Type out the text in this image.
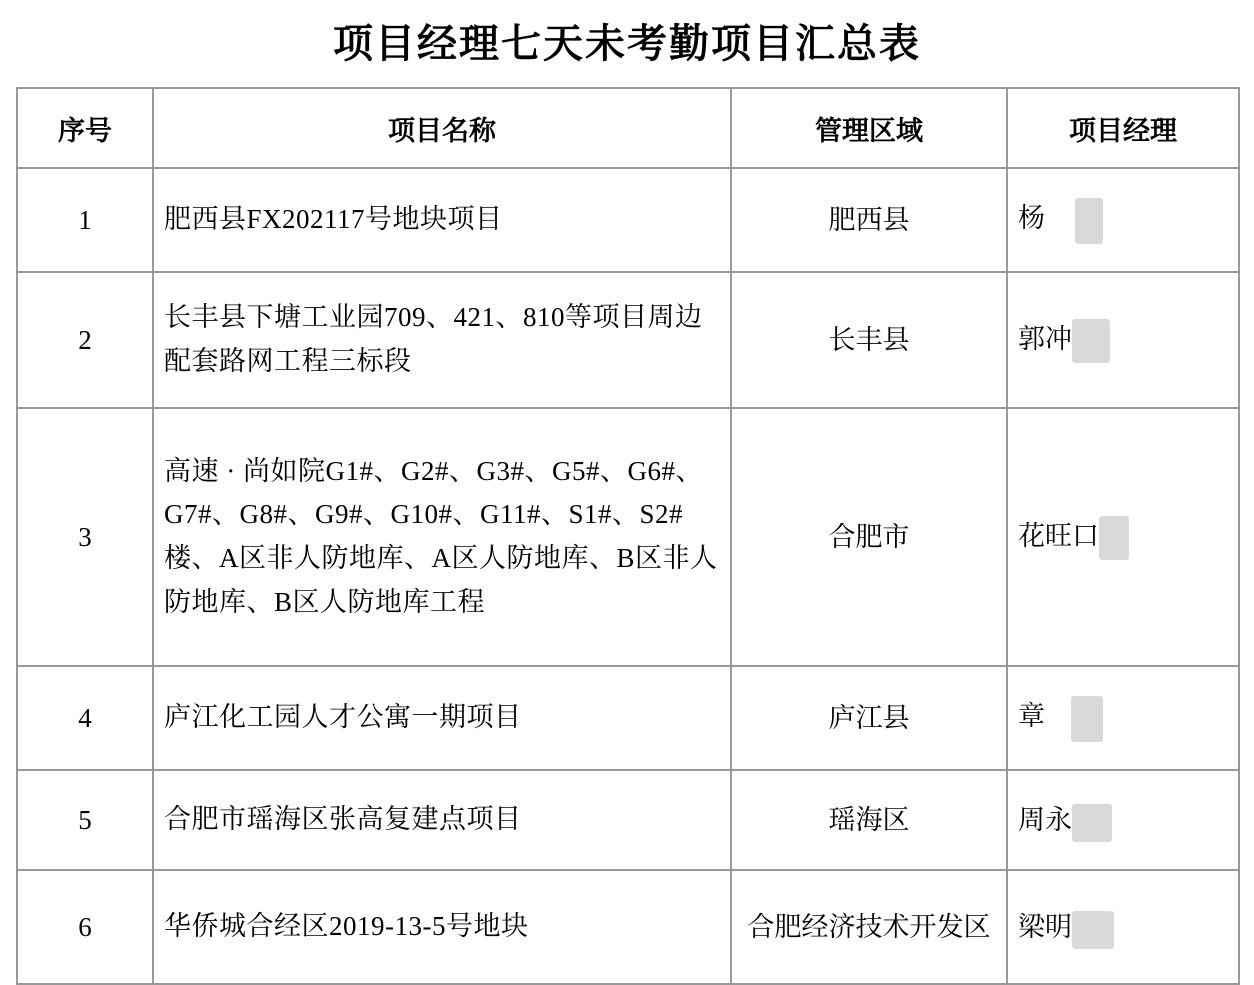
项目经理七天未考勤项目汇总表
序号	项目名称	管理区域	项目经理
1	肥西县FX202117号地块项目	肥西县	杨
2	长丰县下塘工业园709、421、810等项目周边配套路网工程三标段	长丰县	郭冲
3	高速 · 尚如院G1#、G2#、G3#、G5#、G6#、G7#、G8#、G9#、G10#、G11#、S1#、S2#楼、A区非人防地库、A区人防地库、B区非人防地库、B区人防地库工程	合肥市	花旺口
4	庐江化工园人才公寓一期项目	庐江县	章
5	合肥市瑶海区张高复建点项目	瑶海区	周永
6	华侨城合经区2019-13-5号地块	合肥经济技术开发区	梁明
